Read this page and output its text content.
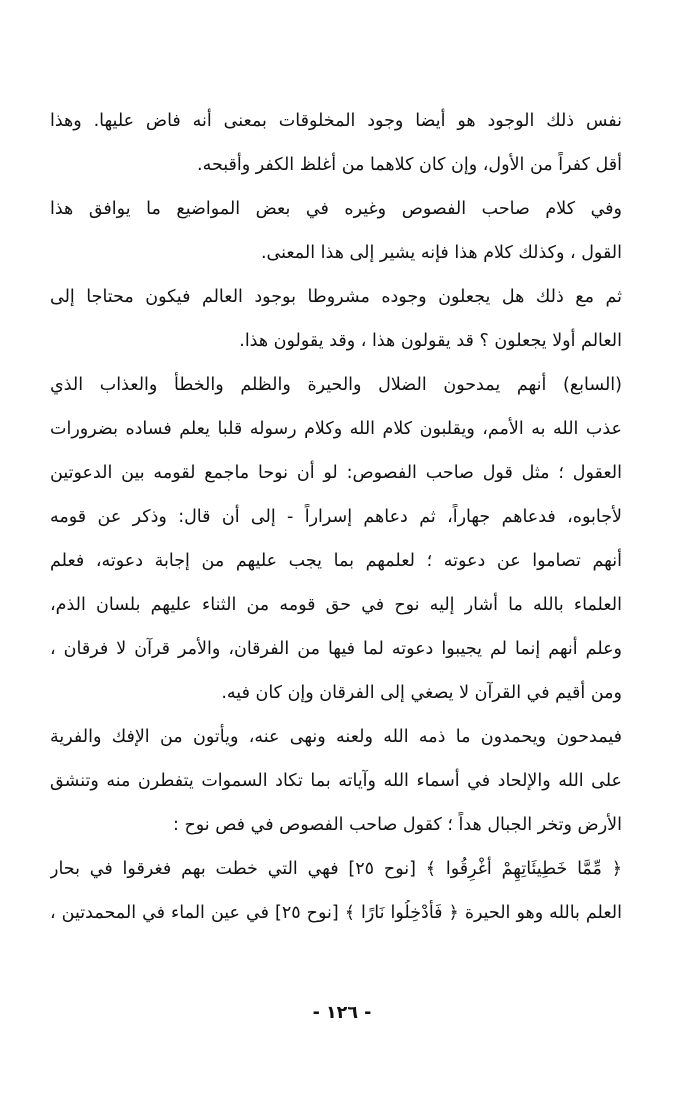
نفس ذلك الوجود هو أيضا وجود المخلوقات بمعنى أنه فاض عليها. وهذا
أقل كفراً من الأول، وإن كان كلاهما من أغلظ الكفر وأقبحه.
وفي كلام صاحب الفصوص وغيره في بعض المواضيع ما يوافق هذا
القول ، وكذلك كلام هذا فإنه يشير إلى هذا المعنى.
ثم مع ذلك هل يجعلون وجوده مشروطا بوجود العالم فيكون محتاجا إلى
العالم أولا يجعلون ؟ قد يقولون هذا ، وقد يقولون هذا.
(السابع) أنهم يمدحون الضلال والحيرة والظلم والخطأ والعذاب الذي
عذب الله به الأمم، ويقلبون كلام الله وكلام رسوله قلبا يعلم فساده بضرورات
العقول ؛ مثل قول صاحب الفصوص: لو أن نوحا ماجمع لقومه بين الدعوتين
لأجابوه، فدعاهم جهاراً، ثم دعاهم إسراراً - إلى أن قال: وذكر عن قومه
أنهم تصاموا عن دعوته ؛ لعلمهم بما يجب عليهم من إجابة دعوته، فعلم
العلماء بالله ما أشار إليه نوح في حق قومه من الثناء عليهم بلسان الذم،
وعلم أنهم إنما لم يجيبوا دعوته لما فيها من الفرقان، والأمر قرآن لا فرقان ،
ومن أقيم في القرآن لا يصغي إلى الفرقان وإن كان فيه.
فيمدحون ويحمدون ما ذمه الله ولعنه ونهى عنه، ويأتون من الإفك والفرية
على الله والإلحاد في أسماء الله وآياته بما تكاد السموات يتفطرن منه وتنشق
الأرض وتخر الجبال هداً ؛ كقول صاحب الفصوص في فص نوح :
﴿ مِّمَّا خَطِيئَاتِهِمْ أُغْرِقُوا ﴾ [نوح ٢٥] فهي التي خطت بهم فغرقوا في بحار
العلم بالله وهو الحيرة ﴿ فَأُدْخِلُوا نَارًا ﴾ [نوح ٢٥] في عين الماء في المحمدتين ،
- ١٢٦ -
